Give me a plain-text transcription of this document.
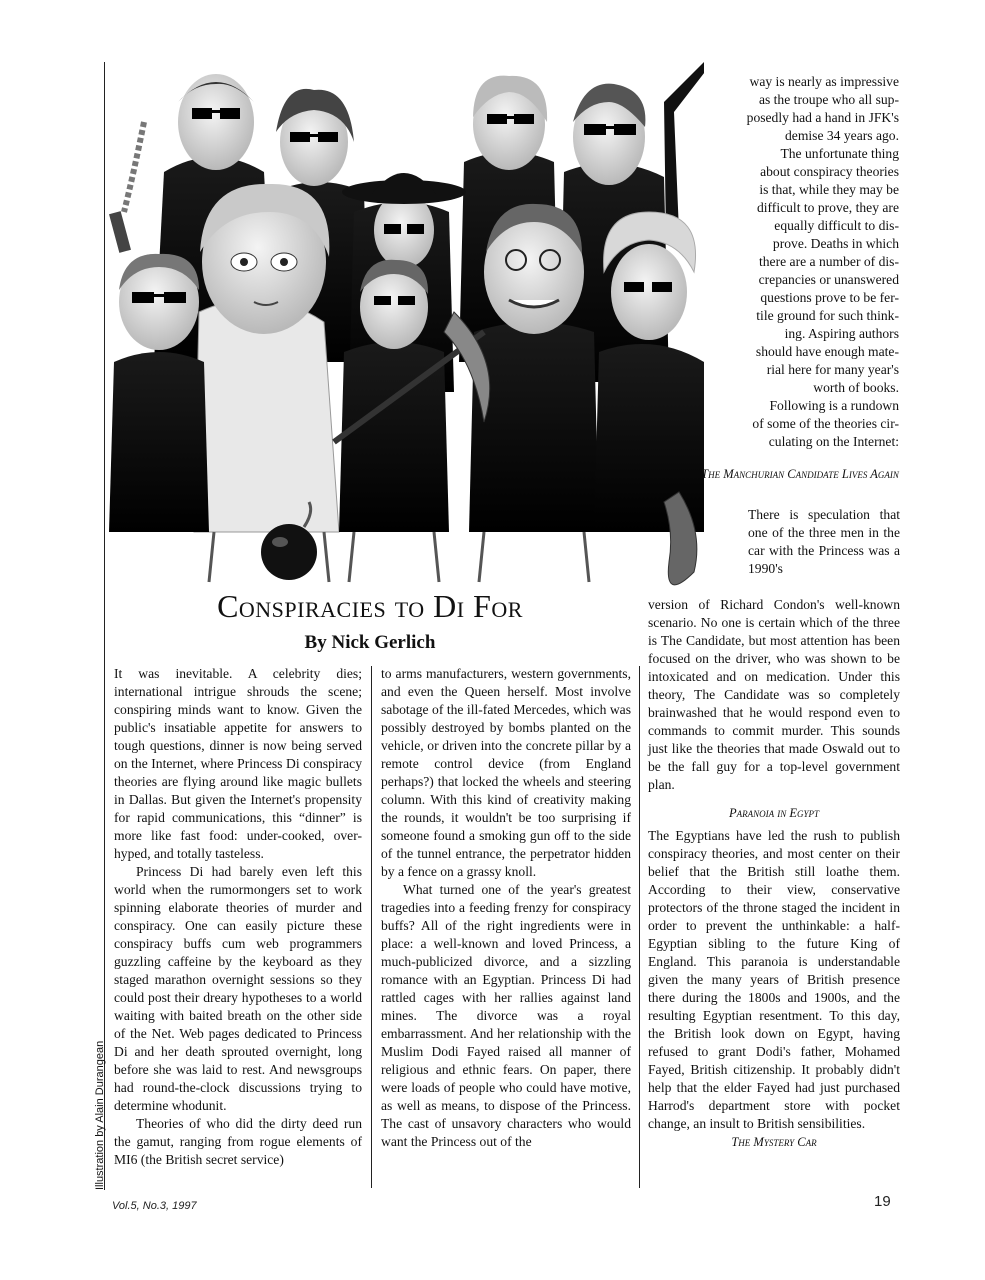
way is nearly as impressive
as the troupe who all sup-
posedly had a hand in JFK's
demise 34 years ago.
The unfortunate thing
about conspiracy theories
is that, while they may be
difficult to prove, they are
equally difficult to dis-
prove. Deaths in which
there are a number of dis-
crepancies or unanswered
questions prove to be fer-
tile ground for such think-
ing. Aspiring authors
should have enough mate-
rial here for many year's
worth of books.
Following is a rundown
of some of the theories cir-
culating on the Internet:

The Manchurian Candidate Lives Again

There is speculation that one of the three men in the car with the Princess was a 1990's
Conspiracies to Di For
By Nick Gerlich

It was inevitable. A celebrity dies; international intrigue shrouds the scene; conspiring minds want to know. Given the public's insatiable appetite for answers to tough questions, dinner is now being served on the Internet, where Princess Di conspiracy theories are flying around like magic bullets in Dallas. But given the Internet's propensity for rapid communications, this “dinner” is more like fast food: under-cooked, over-hyped, and totally tasteless.

Princess Di had barely even left this world when the rumormongers set to work spinning elaborate theories of murder and conspiracy. One can easily picture these conspiracy buffs cum web programmers guzzling caffeine by the keyboard as they staged marathon overnight sessions so they could post their dreary hypotheses to a world waiting with baited breath on the other side of the Net. Web pages dedicated to Princess Di and her death sprouted overnight, long before she was laid to rest. And newsgroups had round-the-clock discussions trying to determine whodunit.

Theories of who did the dirty deed run the gamut, ranging from rogue elements of MI6 (the British secret service)

to arms manufacturers, western governments, and even the Queen herself. Most involve sabotage of the ill-fated Mercedes, which was possibly destroyed by bombs planted on the vehicle, or driven into the concrete pillar by a remote control device (from England perhaps?) that locked the wheels and steering column. With this kind of creativity making the rounds, it wouldn't be too surprising if someone found a smoking gun off to the side of the tunnel entrance, the perpetrator hidden by a fence on a grassy knoll.

What turned one of the year's greatest tragedies into a feeding frenzy for conspiracy buffs? All of the right ingredients were in place: a well-known and loved Princess, a much-publicized divorce, and a sizzling romance with an Egyptian. Princess Di had rattled cages with her rallies against land mines. The divorce was a royal embarrassment. And her relationship with the Muslim Dodi Fayed raised all manner of religious and ethnic fears. On paper, there were loads of people who could have motive, as well as means, to dispose of the Princess. The cast of unsavory characters who would want the Princess out of the

version of Richard Condon's well-known scenario. No one is certain which of the three is The Candidate, but most attention has been focused on the driver, who was shown to be intoxicated and on medication. Under this theory, The Candidate was so completely brainwashed that he would respond even to commands to commit murder. This sounds just like the theories that made Oswald out to be the fall guy for a top-level government plan.

Paranoia in Egypt

The Egyptians have led the rush to publish conspiracy theories, and most center on their belief that the British still loathe them. According to their view, conservative protectors of the throne staged the incident in order to prevent the unthinkable: a half-Egyptian sibling to the future King of England. This paranoia is understandable given the many years of British presence there during the 1800s and 1900s, and the resulting Egyptian resentment. To this day, the British look down on Egypt, having refused to grant Dodi's father, Mohamed Fayed, British citizenship. It probably didn't help that the elder Fayed had just purchased Harrod's department store with pocket change, an insult to British sensibilities.

The Mystery Car

Illustration by Alain Durangean
Vol.5, No.3, 1997	19
